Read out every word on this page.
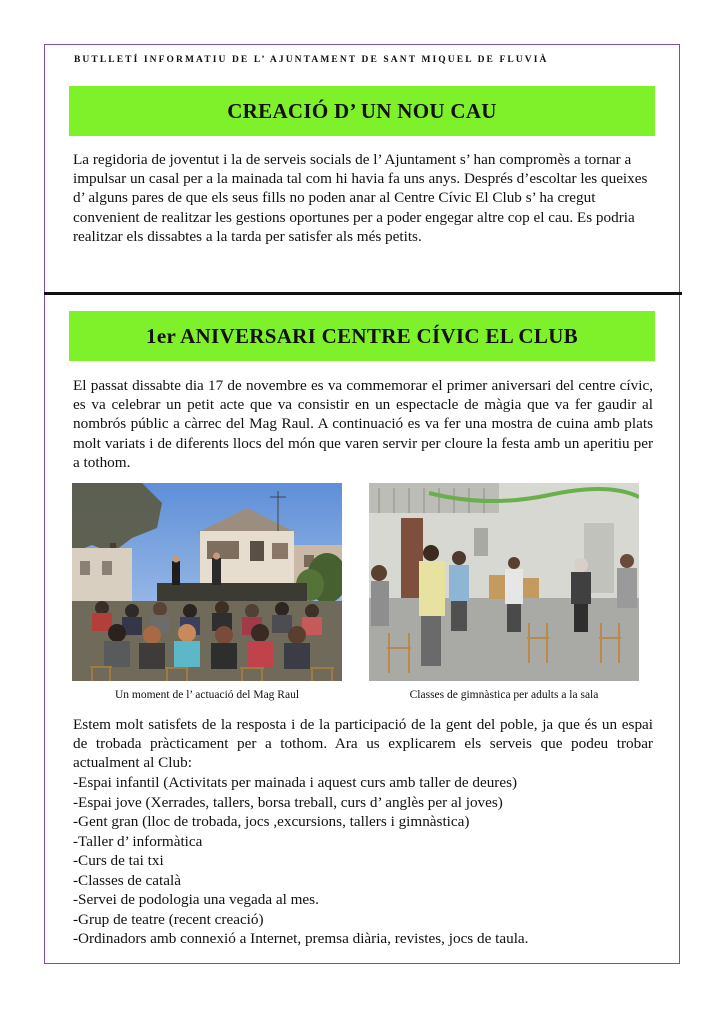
BUTLLETÍ INFORMATIU DE L’ AJUNTAMENT DE SANT MIQUEL DE FLUVIÀ
CREACIÓ D’ UN NOU CAU

La regidoria de joventut i la de serveis socials de l’ Ajuntament s’ han compromès a tornar a impulsar un casal per a la mainada tal com hi havia fa uns anys. Després d’escoltar les queixes d’ alguns pares de que els seus fills no poden anar al Centre Cívic El Club s’ ha cregut convenient de realitzar les gestions oportunes per a poder engegar altre cop el cau. Es podria realitzar els dissabtes a la tarda per satisfer als més petits.

1er ANIVERSARI CENTRE CÍVIC EL CLUB

El passat dissabte dia 17 de novembre es va commemorar el primer aniversari del centre cívic, es va celebrar un petit acte que va consistir en un espectacle de màgia que va fer gaudir al nombrós públic a càrrec del Mag Raul. A continuació es va fer una mostra de cuina amb plats molt variats i de diferents llocs del món que varen servir per cloure la festa amb un aperitiu per a tothom.

Un moment de l’ actuació del Mag Raul	Classes de gimnàstica per adults a la sala

Estem molt satisfets de la resposta i de la participació de la gent del poble, ja que és un espai de trobada pràcticament per a tothom. Ara us explicarem els serveis que podeu trobar actualment al Club:

-Espai infantil (Activitats per mainada i aquest curs amb taller de deures)
-Espai jove (Xerrades, tallers, borsa treball, curs d’ anglès per al joves)
-Gent gran (lloc de trobada, jocs ,excursions, tallers i gimnàstica)
-Taller d’ informàtica
-Curs de tai txi
-Classes de català
-Servei de podologia una vegada al mes.
-Grup de teatre (recent creació)
-Ordinadors amb connexió a Internet, premsa diària, revistes, jocs de taula.
